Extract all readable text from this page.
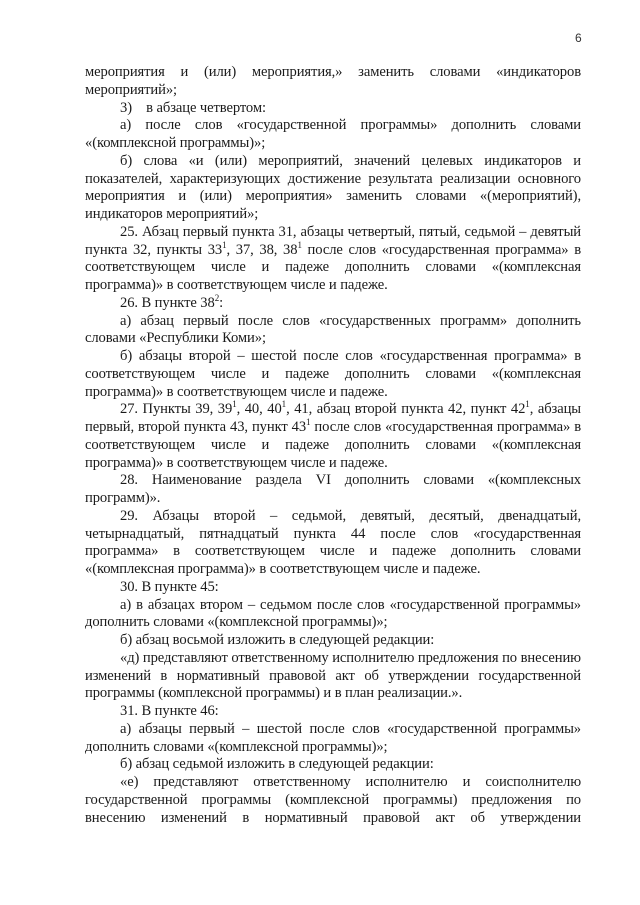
6

мероприятия и (или) мероприятия,» заменить словами «индикаторов мероприятий»;

3)    в абзаце четвертом:

а) после слов «государственной программы» дополнить словами «(комплексной программы)»;

б) слова «и (или) мероприятий, значений целевых индикаторов и показателей, характеризующих достижение результата реализации основного мероприятия и (или) мероприятия» заменить словами «(мероприятий), индикаторов мероприятий»;

25. Абзац первый пункта 31, абзацы четвертый, пятый, седьмой – девятый пункта 32, пункты $33^1$, 37, 38, $38^1$ после слов «государственная программа» в соответствующем числе и падеже дополнить словами «(комплексная программа)» в соответствующем числе и падеже.

26. В пункте $38^2$:

а) абзац первый после слов «государственных программ» дополнить словами «Республики Коми»;

б) абзацы второй – шестой после слов «государственная программа» в соответствующем числе и падеже дополнить словами «(комплексная программа)» в соответствующем числе и падеже.

27. Пункты 39, $39^1$, 40, $40^1$, 41, абзац второй пункта 42, пункт $42^1$, абзацы первый, второй пункта 43, пункт $43^1$ после слов «государственная программа» в соответствующем числе и падеже дополнить словами «(комплексная программа)» в соответствующем числе и падеже.

28. Наименование раздела VI дополнить словами «(комплексных программ)».

29. Абзацы второй – седьмой, девятый, десятый, двенадцатый, четырнадцатый, пятнадцатый пункта 44 после слов «государственная программа» в соответствующем числе и падеже дополнить словами «(комплексная программа)» в соответствующем числе и падеже.

30. В пункте 45:

а) в абзацах втором – седьмом после слов «государственной программы» дополнить словами «(комплексной программы)»;

б) абзац восьмой изложить в следующей редакции:

«д) представляют ответственному исполнителю предложения по внесению изменений в нормативный правовой акт об утверждении государственной программы (комплексной программы) и в план реализации.».

31. В пункте 46:

а) абзацы первый – шестой после слов «государственной программы» дополнить словами «(комплексной программы)»;

б) абзац седьмой изложить в следующей редакции:

«е) представляют ответственному исполнителю и соисполнителю государственной программы (комплексной программы) предложения по внесению изменений в нормативный правовой акт об утверждении
